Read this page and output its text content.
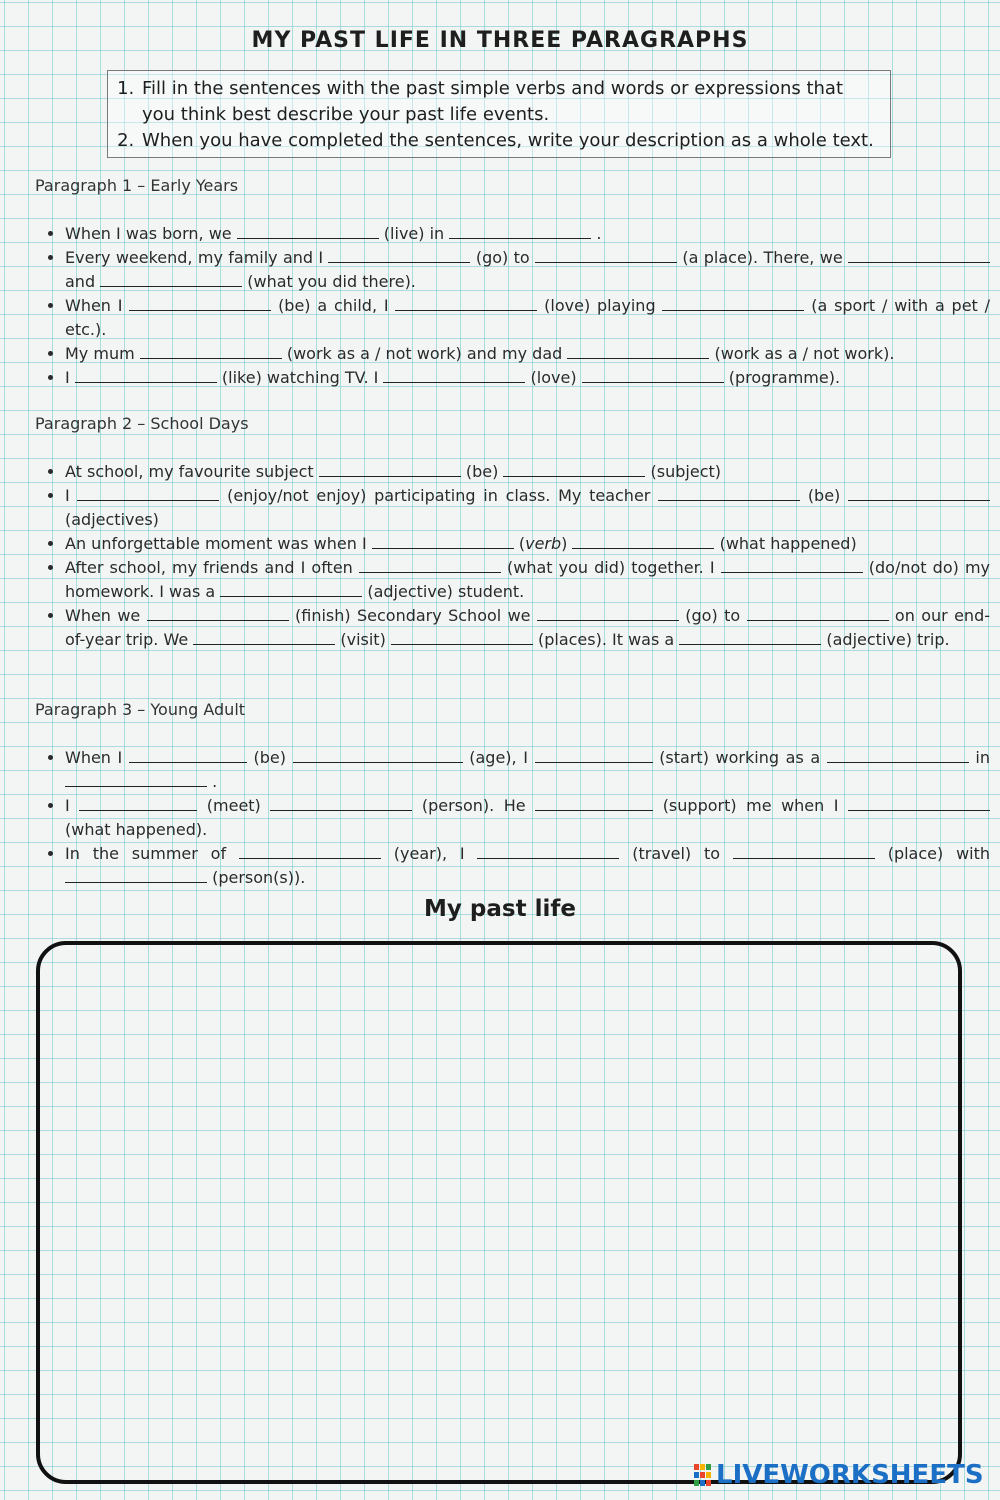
MY PAST LIFE IN THREE PARAGRAPHS
1. Fill in the sentences with the past simple verbs and words or expressions that you think best describe your past life events.
2. When you have completed the sentences, write your description as a whole text.
Paragraph 1 – Early Years
• When I was born, we	(live) in	.
• Every weekend, my family and I	(go) to	(a place). There, we  and	(what you did there).
• When I	(be) a child, I	(love) playing	(a sport / with a pet / etc.).
• My mum	(work as a / not work) and my dad	(work as a / not work).
• I	(like) watching TV. I	(love)	(programme).
Paragraph 2 – School Days
• At school, my favourite subject	(be)	(subject)
• I	(enjoy/not enjoy) participating in class. My teacher	(be)  (adjectives)
• An unforgettable moment was when I	(verb)	(what happened)
• After school, my friends and I often	(what you did) together. I	(do/not do) my homework. I was a	(adjective) student.
• When we	(finish) Secondary School we	(go) to	on our end-of-year trip. We	(visit)	(places). It was a	(adjective) trip.
Paragraph 3 – Young Adult
• When I	(be)	(age), I	(start) working as a	in  .
• I	(meet)	(person). He	(support) me when I  (what happened).
• In the summer of	(year), I	(travel) to	(place) with  (person(s)).
My past life
LIVEWORKSHEETS
